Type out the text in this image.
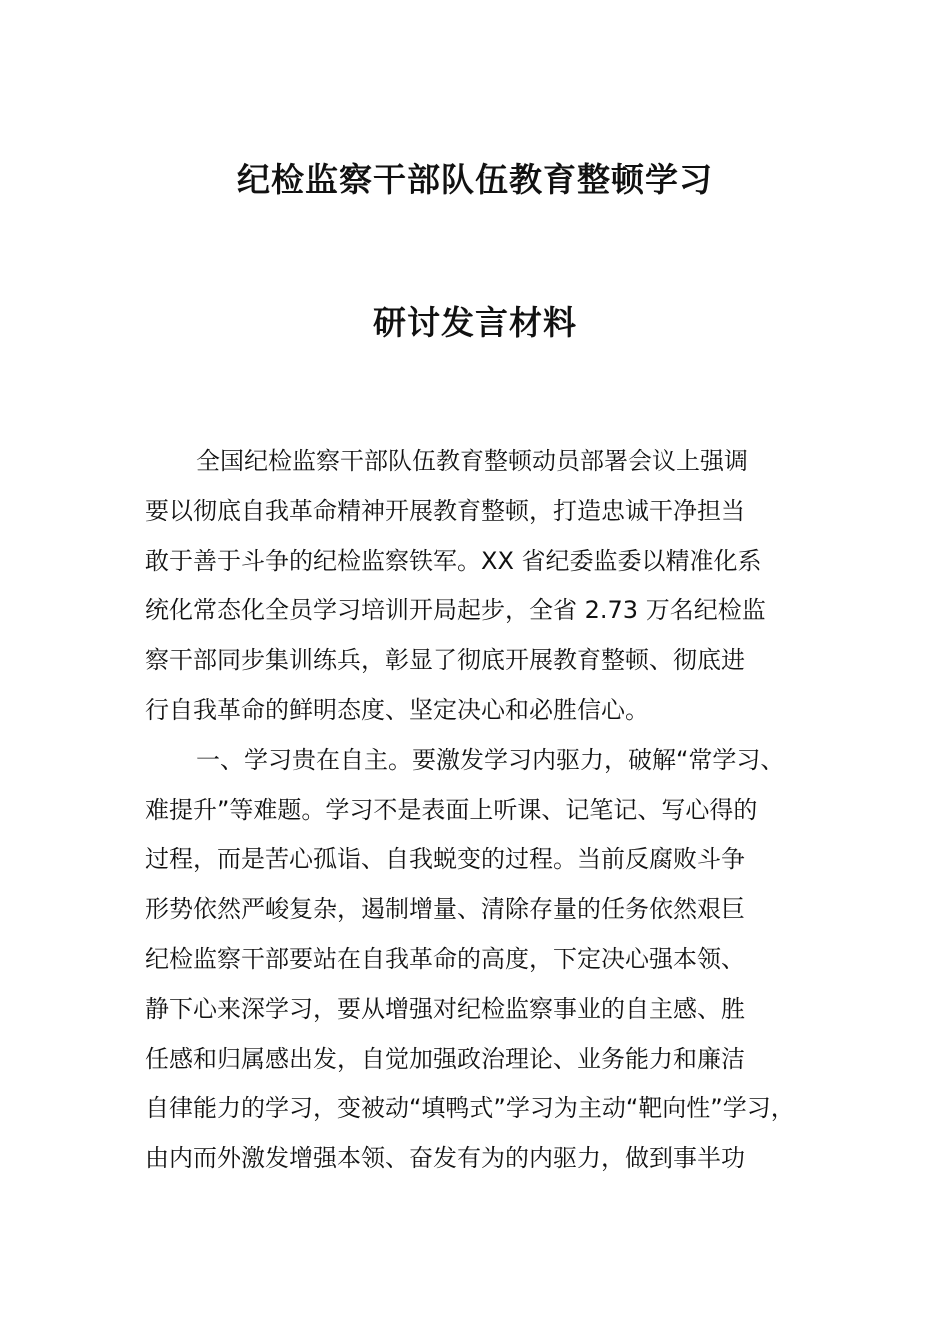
纪检监察干部队伍教育整顿学习
研讨发言材料

全国纪检监察干部队伍教育整顿动员部署会议上强调

要以彻底自我革命精神开展教育整顿，打造忠诚干净担当

敢于善于斗争的纪检监察铁军。XX 省纪委监委以精准化系

统化常态化全员学习培训开局起步，全省 2.73 万名纪检监

察干部同步集训练兵，彰显了彻底开展教育整顿、彻底进

行自我革命的鲜明态度、坚定决心和必胜信心。

一、学习贵在自主。要激发学习内驱力，破解“常学习、

难提升”等难题。学习不是表面上听课、记笔记、写心得的

过程，而是苦心孤诣、自我蜕变的过程。当前反腐败斗争

形势依然严峻复杂，遏制增量、清除存量的任务依然艰巨

纪检监察干部要站在自我革命的高度，下定决心强本领、

静下心来深学习，要从增强对纪检监察事业的自主感、胜

任感和归属感出发，自觉加强政治理论、业务能力和廉洁

自律能力的学习，变被动“填鸭式”学习为主动“靶向性”学习，

由内而外激发增强本领、奋发有为的内驱力，做到事半功
